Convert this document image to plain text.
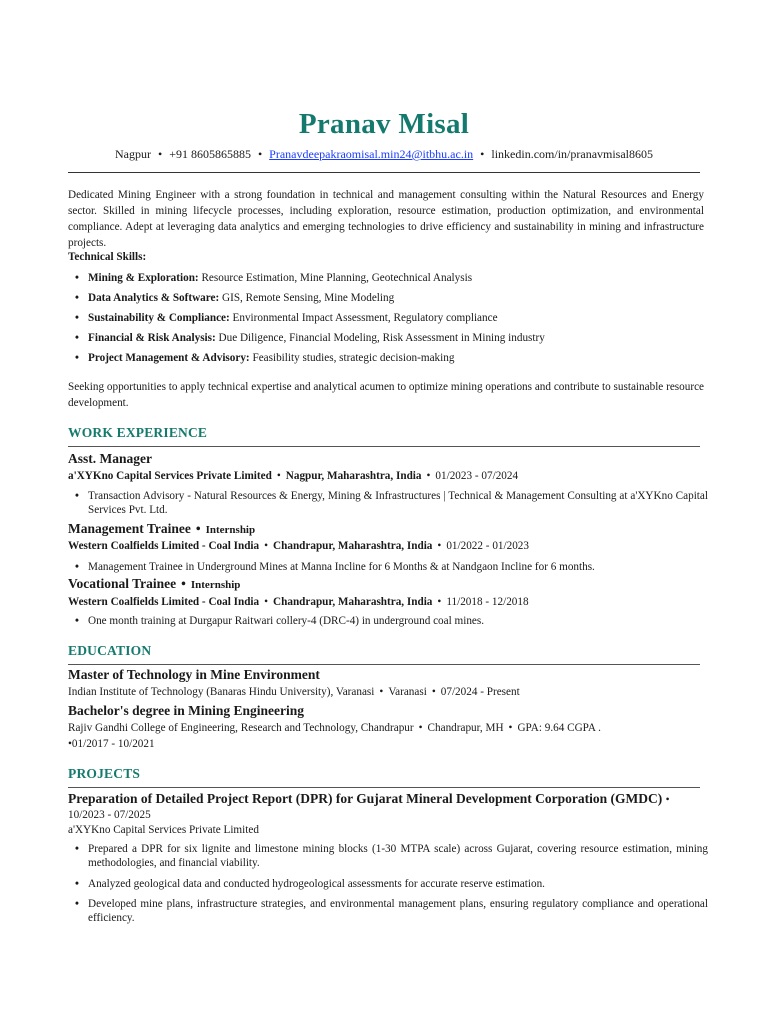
Pranav Misal
Nagpur • +91 8605865885 • Pranavdeepakraomisal.min24@itbhu.ac.in • linkedin.com/in/pranavmisal8605
Dedicated Mining Engineer with a strong foundation in technical and management consulting within the Natural Resources and Energy sector. Skilled in mining lifecycle processes, including exploration, resource estimation, production optimization, and environmental compliance. Adept at leveraging data analytics and emerging technologies to drive efficiency and sustainability in mining and infrastructure projects.
Technical Skills:
• Mining & Exploration: Resource Estimation, Mine Planning, Geotechnical Analysis
• Data Analytics & Software: GIS, Remote Sensing, Mine Modeling
• Sustainability & Compliance: Environmental Impact Assessment, Regulatory compliance
• Financial & Risk Analysis: Due Diligence, Financial Modeling, Risk Assessment in Mining industry
• Project Management & Advisory: Feasibility studies, strategic decision-making
Seeking opportunities to apply technical expertise and analytical acumen to optimize mining operations and contribute to sustainable resource development.
WORK EXPERIENCE
Asst. Manager
a'XYKno Capital Services Private Limited • Nagpur, Maharashtra, India • 01/2023 - 07/2024
• Transaction Advisory - Natural Resources & Energy, Mining & Infrastructures | Technical & Management Consulting at a'XYKno Capital Services Pvt. Ltd.
Management Trainee • Internship
Western Coalfields Limited - Coal India • Chandrapur, Maharashtra, India • 01/2022 - 01/2023
• Management Trainee in Underground Mines at Manna Incline for 6 Months & at Nandgaon Incline for 6 months.
Vocational Trainee • Internship
Western Coalfields Limited - Coal India • Chandrapur, Maharashtra, India • 11/2018 - 12/2018
• One month training at Durgapur Raitwari collery-4 (DRC-4) in underground coal mines.
EDUCATION
Master of Technology in Mine Environment
Indian Institute of Technology (Banaras Hindu University), Varanasi • Varanasi • 07/2024 - Present
Bachelor's degree in Mining Engineering
Rajiv Gandhi College of Engineering, Research and Technology, Chandrapur • Chandrapur, MH • GPA: 9.64 CGPA .
•01/2017 - 10/2021
PROJECTS
Preparation of Detailed Project Report (DPR) for Gujarat Mineral Development Corporation (GMDC) • 10/2023 - 07/2025
a'XYKno Capital Services Private Limited
• Prepared a DPR for six lignite and limestone mining blocks (1-30 MTPA scale) across Gujarat, covering resource estimation, mining methodologies, and financial viability.
• Analyzed geological data and conducted hydrogeological assessments for accurate reserve estimation.
• Developed mine plans, infrastructure strategies, and environmental management plans, ensuring regulatory compliance and operational efficiency.
